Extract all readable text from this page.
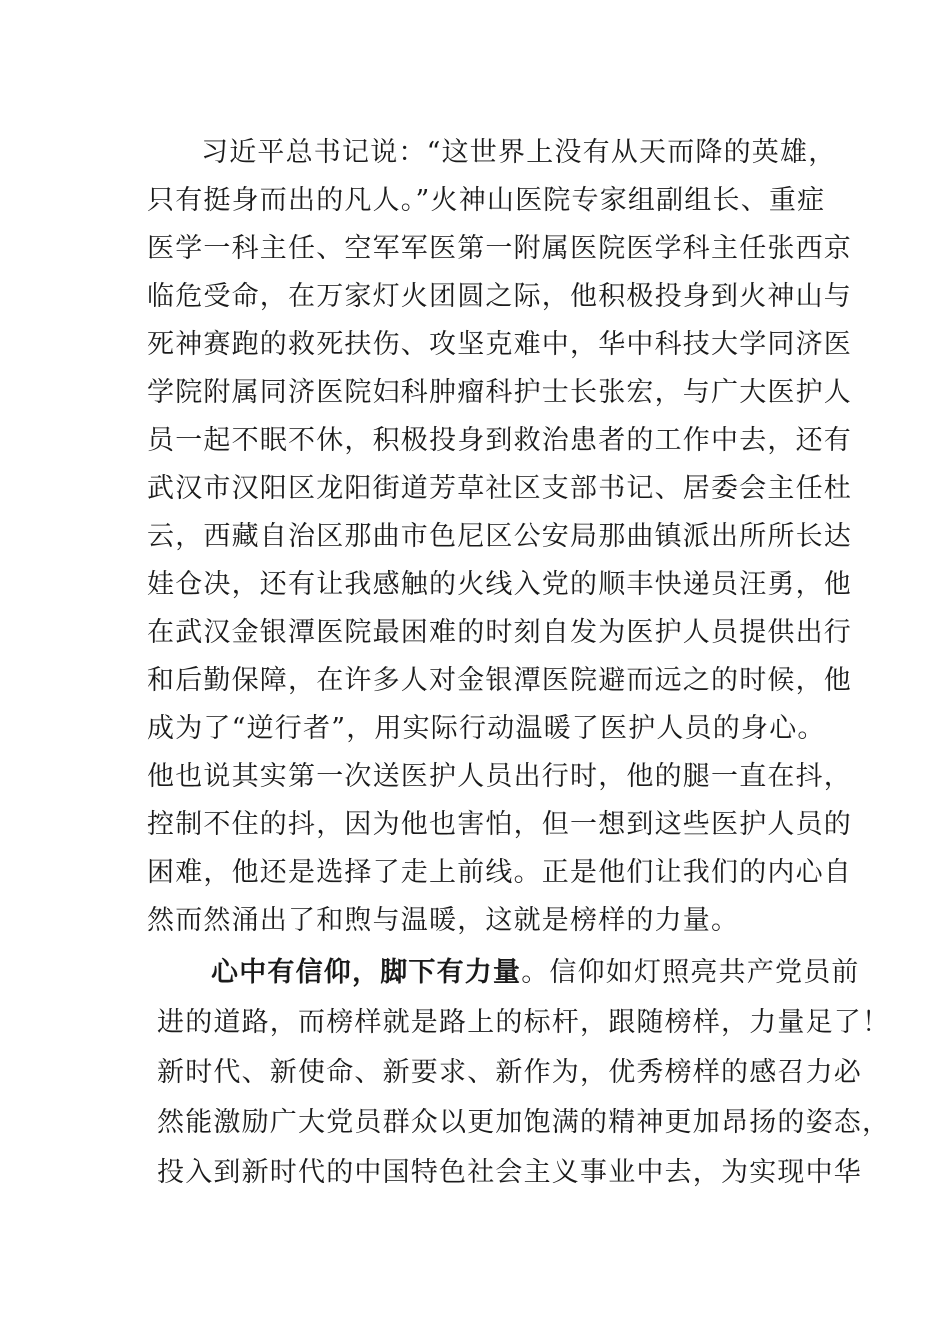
习近平总书记说：“这世界上没有从天而降的英雄，

只有挺身而出的凡人。”火神山医院专家组副组长、重症

医学一科主任、空军军医第一附属医院医学科主任张西京

临危受命，在万家灯火团圆之际，他积极投身到火神山与

死神赛跑的救死扶伤、攻坚克难中，华中科技大学同济医

学院附属同济医院妇科肿瘤科护士长张宏，与广大医护人

员一起不眠不休，积极投身到救治患者的工作中去，还有

武汉市汉阳区龙阳街道芳草社区支部书记、居委会主任杜

云，西藏自治区那曲市色尼区公安局那曲镇派出所所长达

娃仓决，还有让我感触的火线入党的顺丰快递员汪勇，他

在武汉金银潭医院最困难的时刻自发为医护人员提供出行

和后勤保障，在许多人对金银潭医院避而远之的时候，他

成为了“逆行者”，用实际行动温暖了医护人员的身心。

他也说其实第一次送医护人员出行时，他的腿一直在抖，

控制不住的抖，因为他也害怕，但一想到这些医护人员的

困难，他还是选择了走上前线。正是他们让我们的内心自

然而然涌出了和煦与温暖，这就是榜样的力量。

心中有信仰，脚下有力量。信仰如灯照亮共产党员前

进的道路，而榜样就是路上的标杆，跟随榜样，力量足了！

新时代、新使命、新要求、新作为，优秀榜样的感召力必

然能激励广大党员群众以更加饱满的精神更加昂扬的姿态，

投入到新时代的中国特色社会主义事业中去，为实现中华
